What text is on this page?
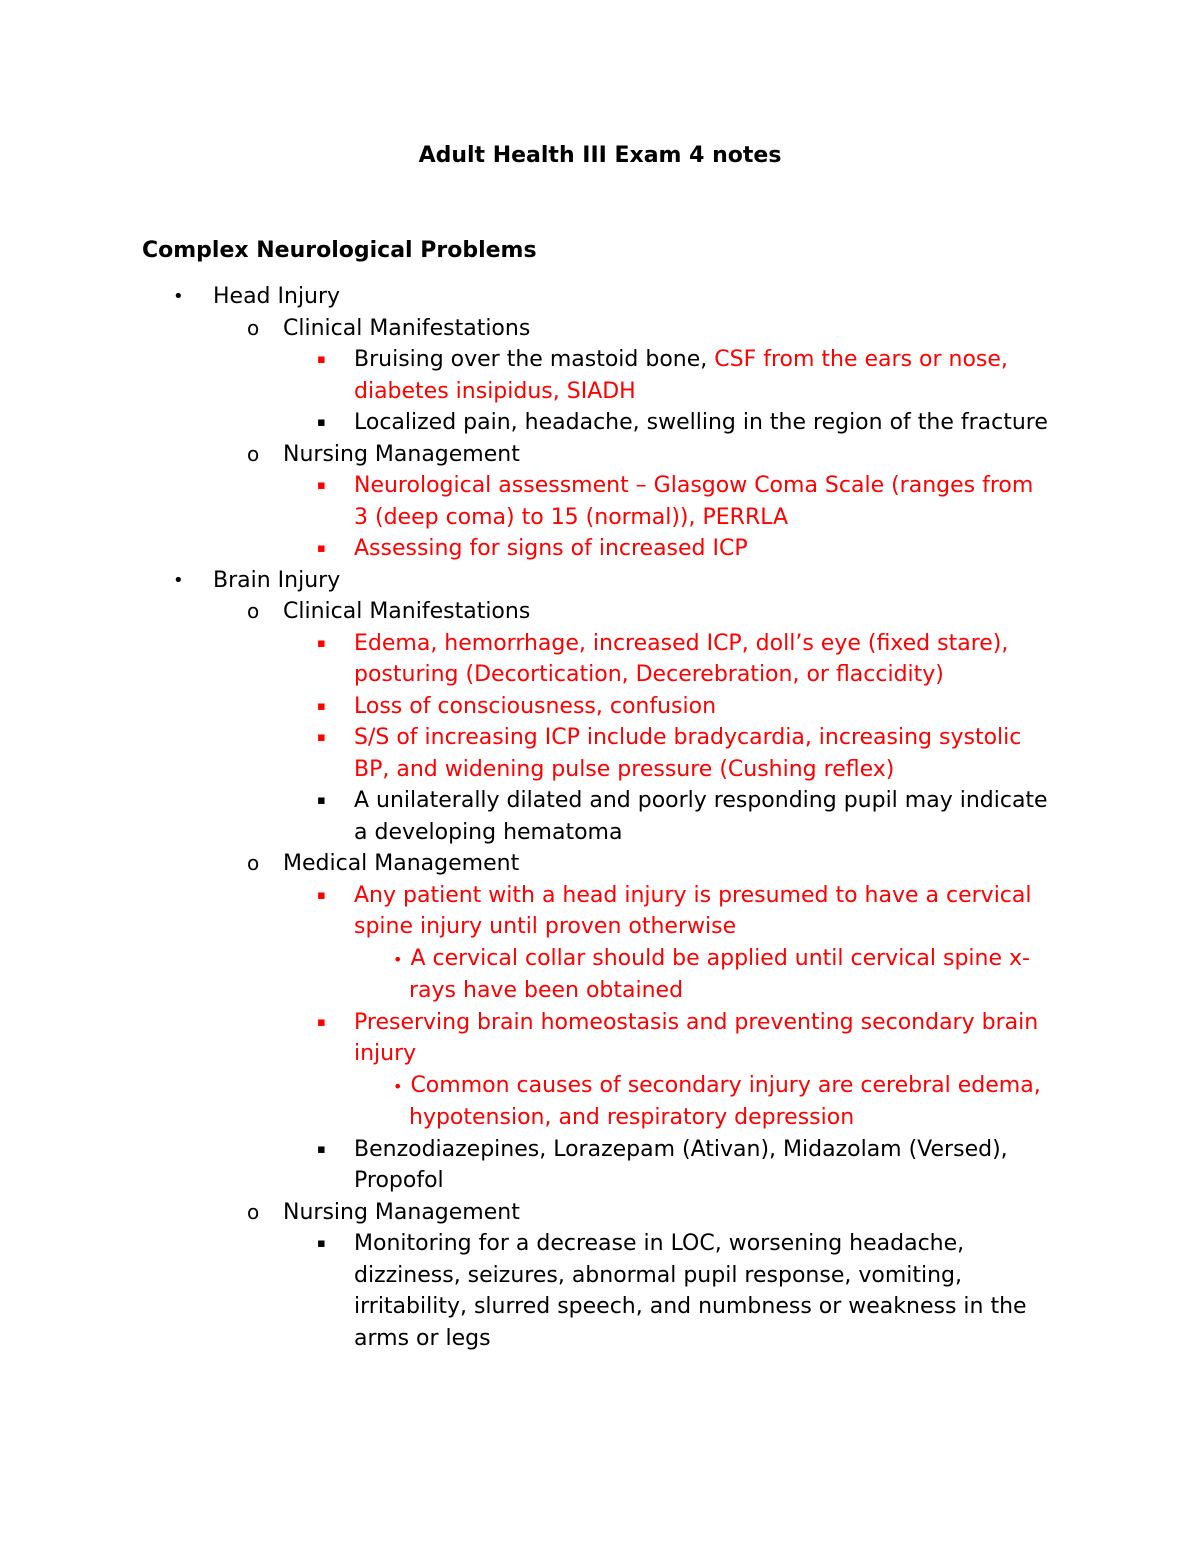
Adult Health III Exam 4 notes
Complex Neurological Problems
• Head Injury
o Clinical Manifestations
▪ Bruising over the mastoid bone, CSF from the ears or nose, diabetes insipidus, SIADH
▪ Localized pain, headache, swelling in the region of the fracture
o Nursing Management
▪ Neurological assessment – Glasgow Coma Scale (ranges from 3 (deep coma) to 15 (normal)), PERRLA
▪ Assessing for signs of increased ICP
• Brain Injury
o Clinical Manifestations
▪ Edema, hemorrhage, increased ICP, doll’s eye (fixed stare), posturing (Decortication, Decerebration, or flaccidity)
▪ Loss of consciousness, confusion
▪ S/S of increasing ICP include bradycardia, increasing systolic BP, and widening pulse pressure (Cushing reflex)
▪ A unilaterally dilated and poorly responding pupil may indicate a developing hematoma
o Medical Management
▪ Any patient with a head injury is presumed to have a cervical spine injury until proven otherwise
• A cervical collar should be applied until cervical spine x-rays have been obtained
▪ Preserving brain homeostasis and preventing secondary brain injury
• Common causes of secondary injury are cerebral edema, hypotension, and respiratory depression
▪ Benzodiazepines, Lorazepam (Ativan), Midazolam (Versed), Propofol
o Nursing Management
▪ Monitoring for a decrease in LOC, worsening headache, dizziness, seizures, abnormal pupil response, vomiting, irritability, slurred speech, and numbness or weakness in the arms or legs
